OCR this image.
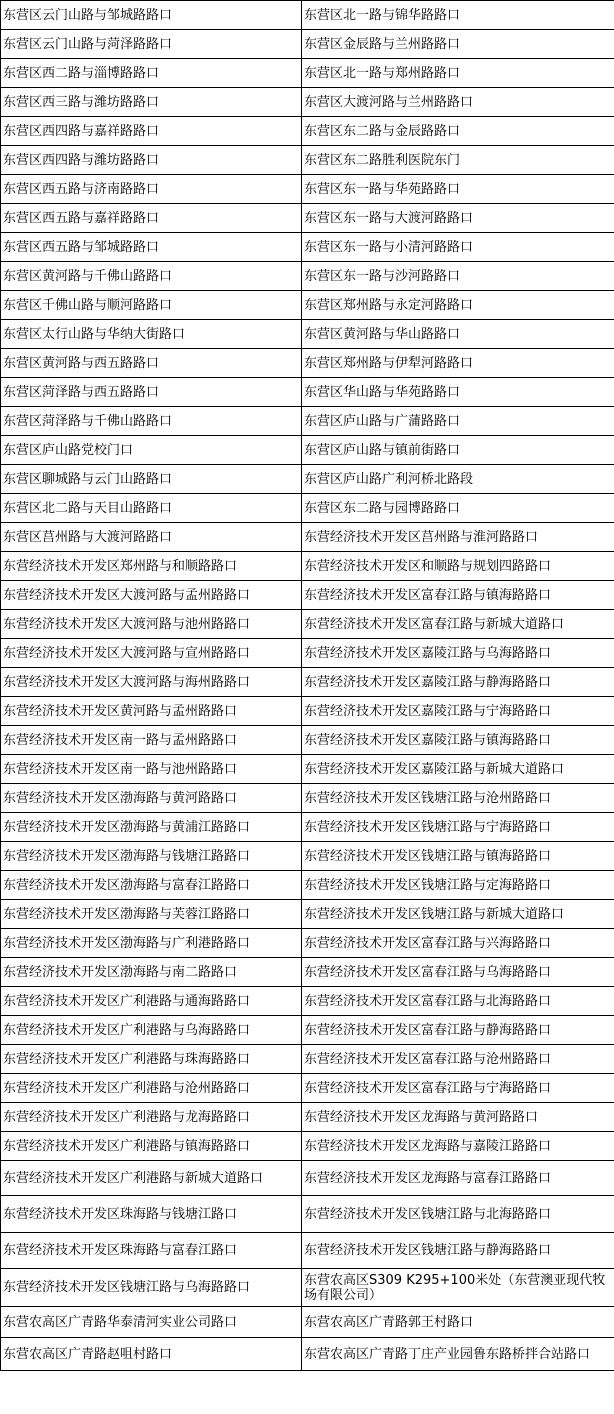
东营区云门山路与邹城路路口	东营区北一路与锦华路路口
东营区云门山路与菏泽路路口	东营区金辰路与兰州路路口
东营区西二路与淄博路路口	东营区北一路与郑州路路口
东营区西三路与潍坊路路口	东营区大渡河路与兰州路路口
东营区西四路与嘉祥路路口	东营区东二路与金辰路路口
东营区西四路与潍坊路路口	东营区东二路胜利医院东门
东营区西五路与济南路路口	东营区东一路与华苑路路口
东营区西五路与嘉祥路路口	东营区东一路与大渡河路路口
东营区西五路与邹城路路口	东营区东一路与小清河路路口
东营区黄河路与千佛山路路口	东营区东一路与沙河路路口
东营区千佛山路与顺河路路口	东营区郑州路与永定河路路口
东营区太行山路与华纳大街路口	东营区黄河路与华山路路口
东营区黄河路与西五路路口	东营区郑州路与伊犁河路路口
东营区菏泽路与西五路路口	东营区华山路与华苑路路口
东营区菏泽路与千佛山路路口	东营区庐山路与广蒲路路口
东营区庐山路党校门口	东营区庐山路与镇前街路口
东营区聊城路与云门山路路口	东营区庐山路广利河桥北路段
东营区北二路与天目山路路口	东营区东二路与园博路路口
东营区莒州路与大渡河路路口	东营经济技术开发区莒州路与淮河路路口
东营经济技术开发区郑州路与和顺路路口	东营经济技术开发区和顺路与规划四路路口
东营经济技术开发区大渡河路与孟州路路口	东营经济技术开发区富春江路与镇海路路口
东营经济技术开发区大渡河路与池州路路口	东营经济技术开发区富春江路与新城大道路口
东营经济技术开发区大渡河路与宣州路路口	东营经济技术开发区嘉陵江路与乌海路路口
东营经济技术开发区大渡河路与海州路路口	东营经济技术开发区嘉陵江路与静海路路口
东营经济技术开发区黄河路与孟州路路口	东营经济技术开发区嘉陵江路与宁海路路口
东营经济技术开发区南一路与孟州路路口	东营经济技术开发区嘉陵江路与镇海路路口
东营经济技术开发区南一路与池州路路口	东营经济技术开发区嘉陵江路与新城大道路口
东营经济技术开发区渤海路与黄河路路口	东营经济技术开发区钱塘江路与沧州路路口
东营经济技术开发区渤海路与黄浦江路路口	东营经济技术开发区钱塘江路与宁海路路口
东营经济技术开发区渤海路与钱塘江路路口	东营经济技术开发区钱塘江路与镇海路路口
东营经济技术开发区渤海路与富春江路路口	东营经济技术开发区钱塘江路与定海路路口
东营经济技术开发区渤海路与芙蓉江路路口	东营经济技术开发区钱塘江路与新城大道路口
东营经济技术开发区渤海路与广利港路路口	东营经济技术开发区富春江路与兴海路路口
东营经济技术开发区渤海路与南二路路口	东营经济技术开发区富春江路与乌海路路口
东营经济技术开发区广利港路与通海路路口	东营经济技术开发区富春江路与北海路路口
东营经济技术开发区广利港路与乌海路路口	东营经济技术开发区富春江路与静海路路口
东营经济技术开发区广利港路与珠海路路口	东营经济技术开发区富春江路与沧州路路口
东营经济技术开发区广利港路与沧州路路口	东营经济技术开发区富春江路与宁海路路口
东营经济技术开发区广利港路与龙海路路口	东营经济技术开发区龙海路与黄河路路口
东营经济技术开发区广利港路与镇海路路口	东营经济技术开发区龙海路与嘉陵江路路口
东营经济技术开发区广利港路与新城大道路口	东营经济技术开发区龙海路与富春江路路口
东营经济技术开发区珠海路与钱塘江路口	东营经济技术开发区钱塘江路与北海路路口
东营经济技术开发区珠海路与富春江路口	东营经济技术开发区钱塘江路与静海路路口
东营经济技术开发区钱塘江路与乌海路路口	东营农高区S309 K295+100米处（东营澳亚现代牧场有限公司）
东营农高区广青路华泰清河实业公司路口	东营农高区广青路郭王村路口
东营农高区广青路赵咀村路口	东营农高区广青路丁庄产业园鲁东路桥拌合站路口
